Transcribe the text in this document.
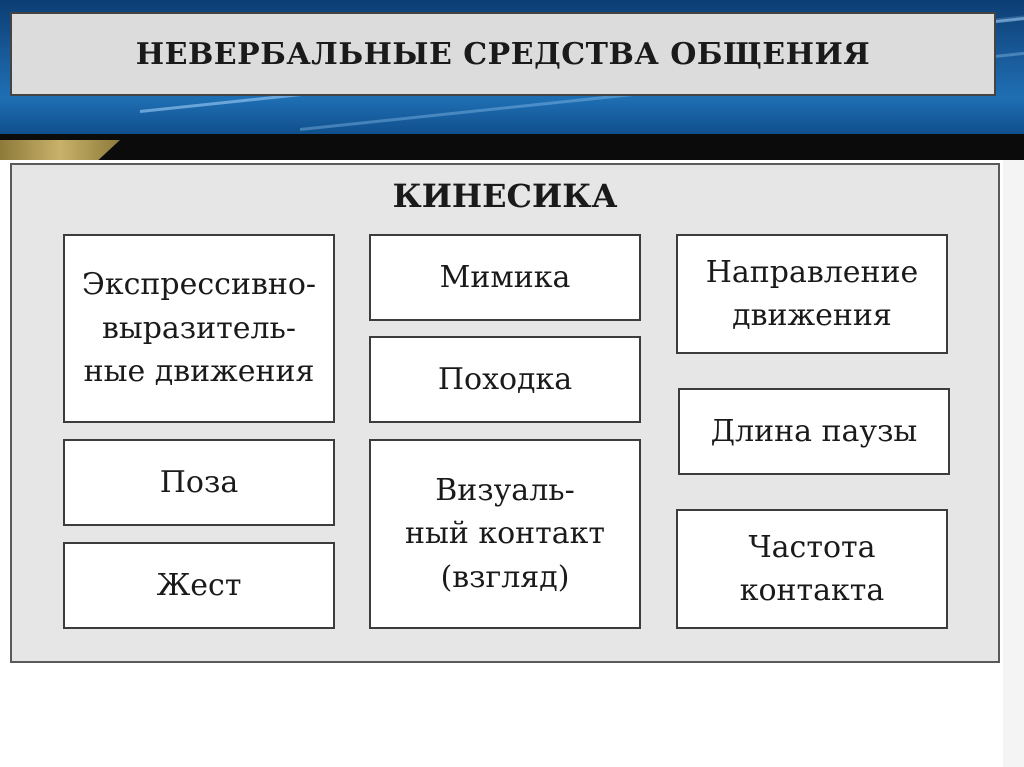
НЕВЕРБАЛЬНЫЕ СРЕДСТВА ОБЩЕНИЯ
КИНЕСИКА
Экспрессивно-
выразитель-
ные движения
Поза
Жест
Мимика
Походка
Визуаль-
ный контакт
(взгляд)
Направление
движения
Длина паузы
Частота
контакта
